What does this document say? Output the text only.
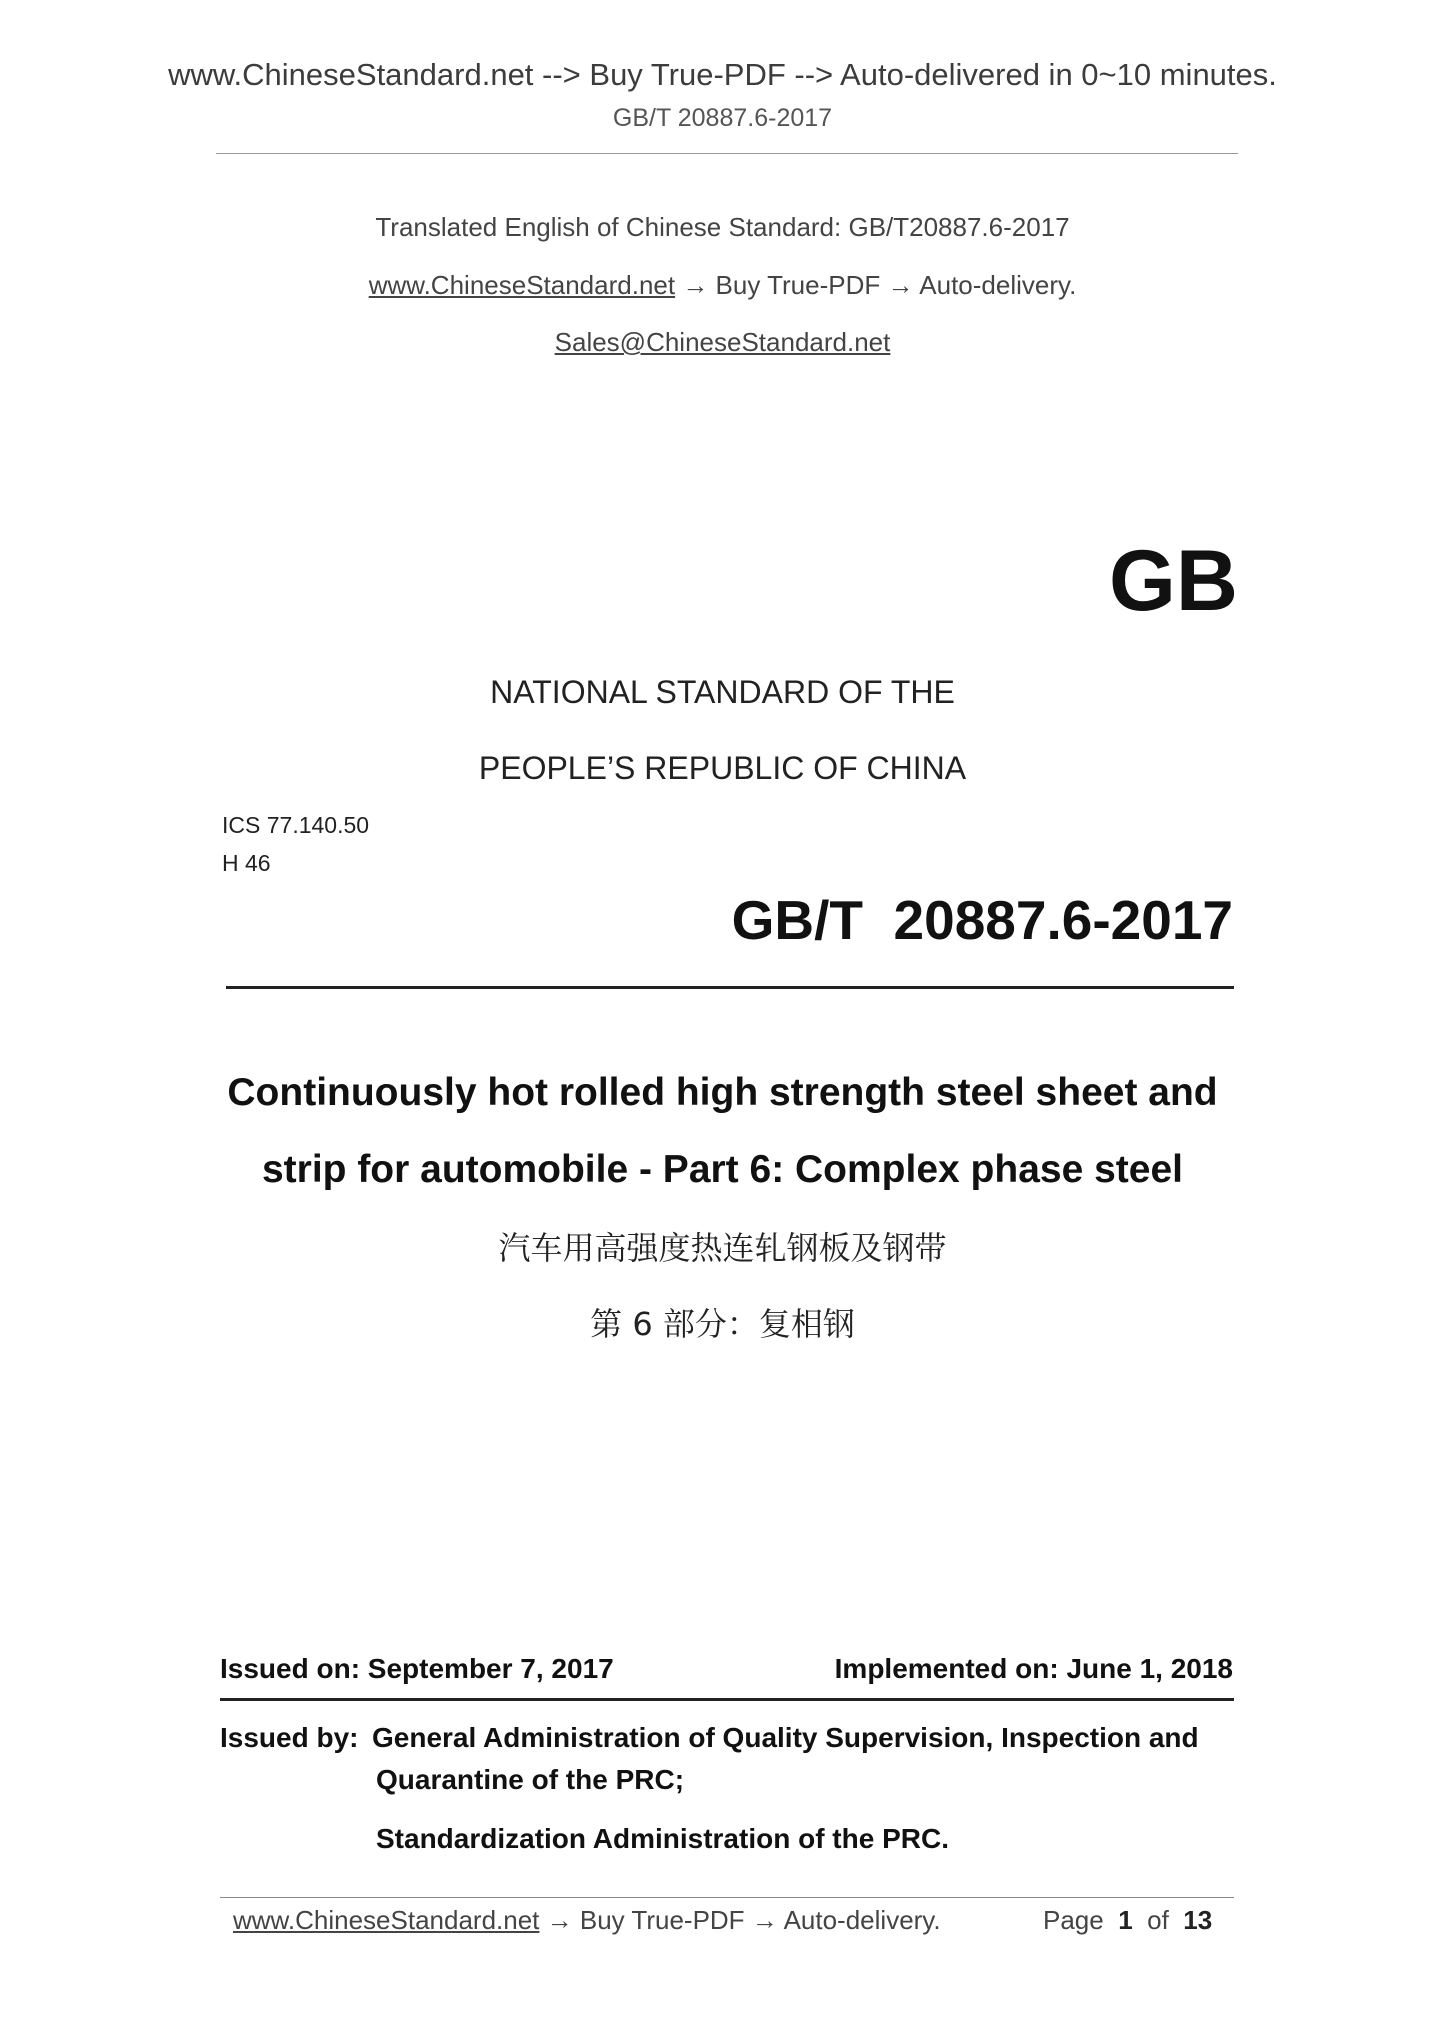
www.ChineseStandard.net --> Buy True-PDF --> Auto-delivered in 0~10 minutes.
GB/T 20887.6-2017
Translated English of Chinese Standard: GB/T20887.6-2017
www.ChineseStandard.net → Buy True-PDF → Auto-delivery.
Sales@ChineseStandard.net
GB
NATIONAL STANDARD OF THE
PEOPLE’S REPUBLIC OF CHINA
ICS 77.140.50
H 46
GB/T  20887.6-2017
Continuously hot rolled high strength steel sheet and
strip for automobile - Part 6: Complex phase steel
汽车用高强度热连轧钢板及钢带
第 6 部分：复相钢
Issued on: September 7, 2017	Implemented on: June 1, 2018
Issued by: General Administration of Quality Supervision, Inspection and
Quarantine of the PRC;
Standardization Administration of the PRC.
www.ChineseStandard.net → Buy True-PDF → Auto-delivery.	Page 1 of 13
